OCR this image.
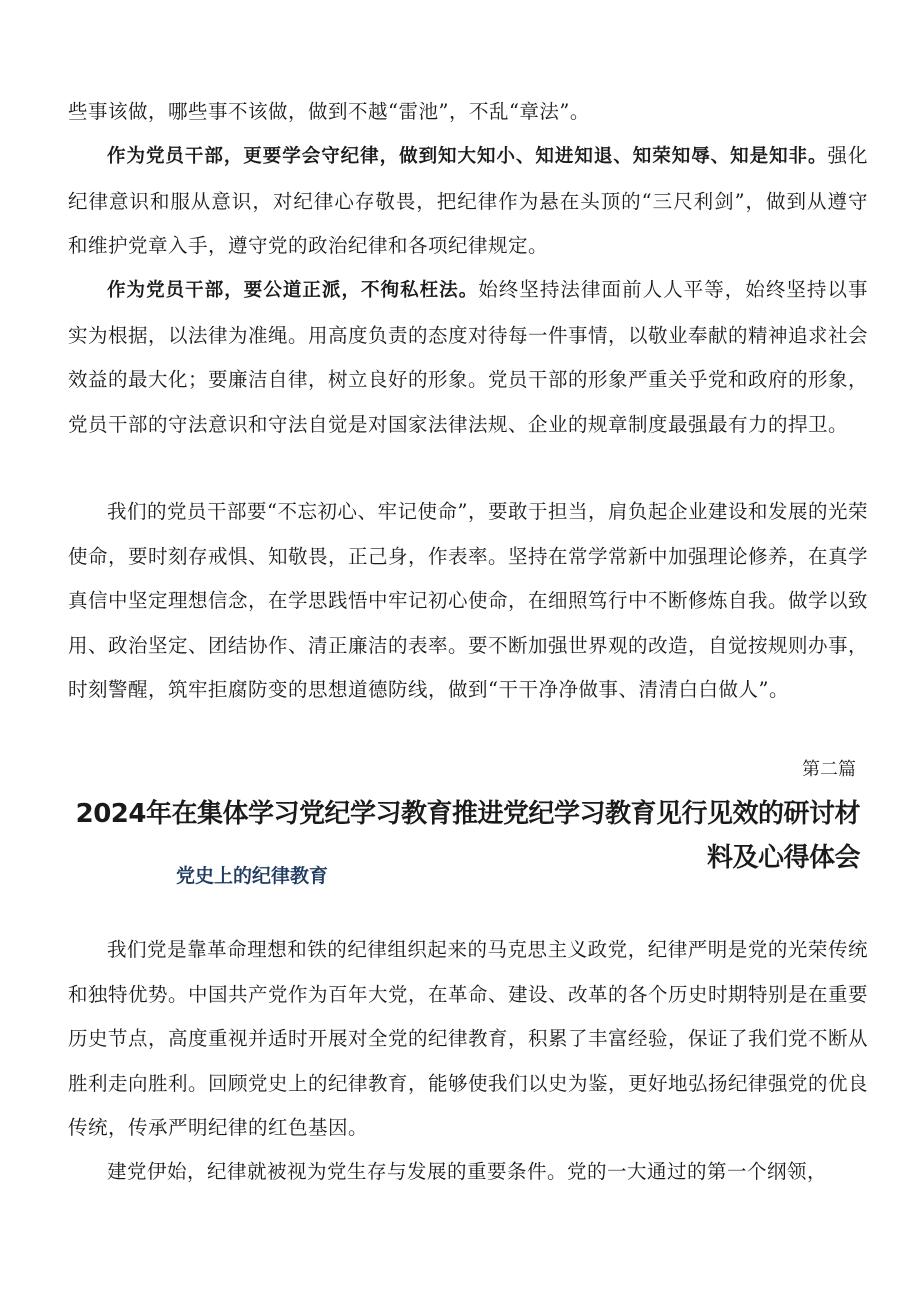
些事该做，哪些事不该做，做到不越“雷池”，不乱“章法”。

作为党员干部，更要学会守纪律，做到知大知小、知进知退、知荣知辱、知是知非。强化纪律意识和服从意识，对纪律心存敬畏，把纪律作为悬在头顶的“三尺利剑”，做到从遵守和维护党章入手，遵守党的政治纪律和各项纪律规定。

作为党员干部，要公道正派，不徇私枉法。始终坚持法律面前人人平等，始终坚持以事实为根据，以法律为准绳。用高度负责的态度对待每一件事情，以敬业奉献的精神追求社会效益的最大化；要廉洁自律，树立良好的形象。党员干部的形象严重关乎党和政府的形象，党员干部的守法意识和守法自觉是对国家法律法规、企业的规章制度最强最有力的捍卫。

我们的党员干部要“不忘初心、牢记使命”，要敢于担当，肩负起企业建设和发展的光荣使命，要时刻存戒惧、知敬畏，正己身，作表率。坚持在常学常新中加强理论修养，在真学真信中坚定理想信念，在学思践悟中牢记初心使命，在细照笃行中不断修炼自我。做学以致用、政治坚定、团结协作、清正廉洁的表率。要不断加强世界观的改造，自觉按规则办事，时刻警醒，筑牢拒腐防变的思想道德防线，做到“干干净净做事、清清白白做人”。

第二篇

2024年在集体学习党纪学习教育推进党纪学习教育见行见效的研讨材料及心得体会
党史上的纪律教育

我们党是靠革命理想和铁的纪律组织起来的马克思主义政党，纪律严明是党的光荣传统和独特优势。中国共产党作为百年大党，在革命、建设、改革的各个历史时期特别是在重要历史节点，高度重视并适时开展对全党的纪律教育，积累了丰富经验，保证了我们党不断从胜利走向胜利。回顾党史上的纪律教育，能够使我们以史为鉴，更好地弘扬纪律强党的优良传统，传承严明纪律的红色基因。

建党伊始，纪律就被视为党生存与发展的重要条件。党的一大通过的第一个纲领，
